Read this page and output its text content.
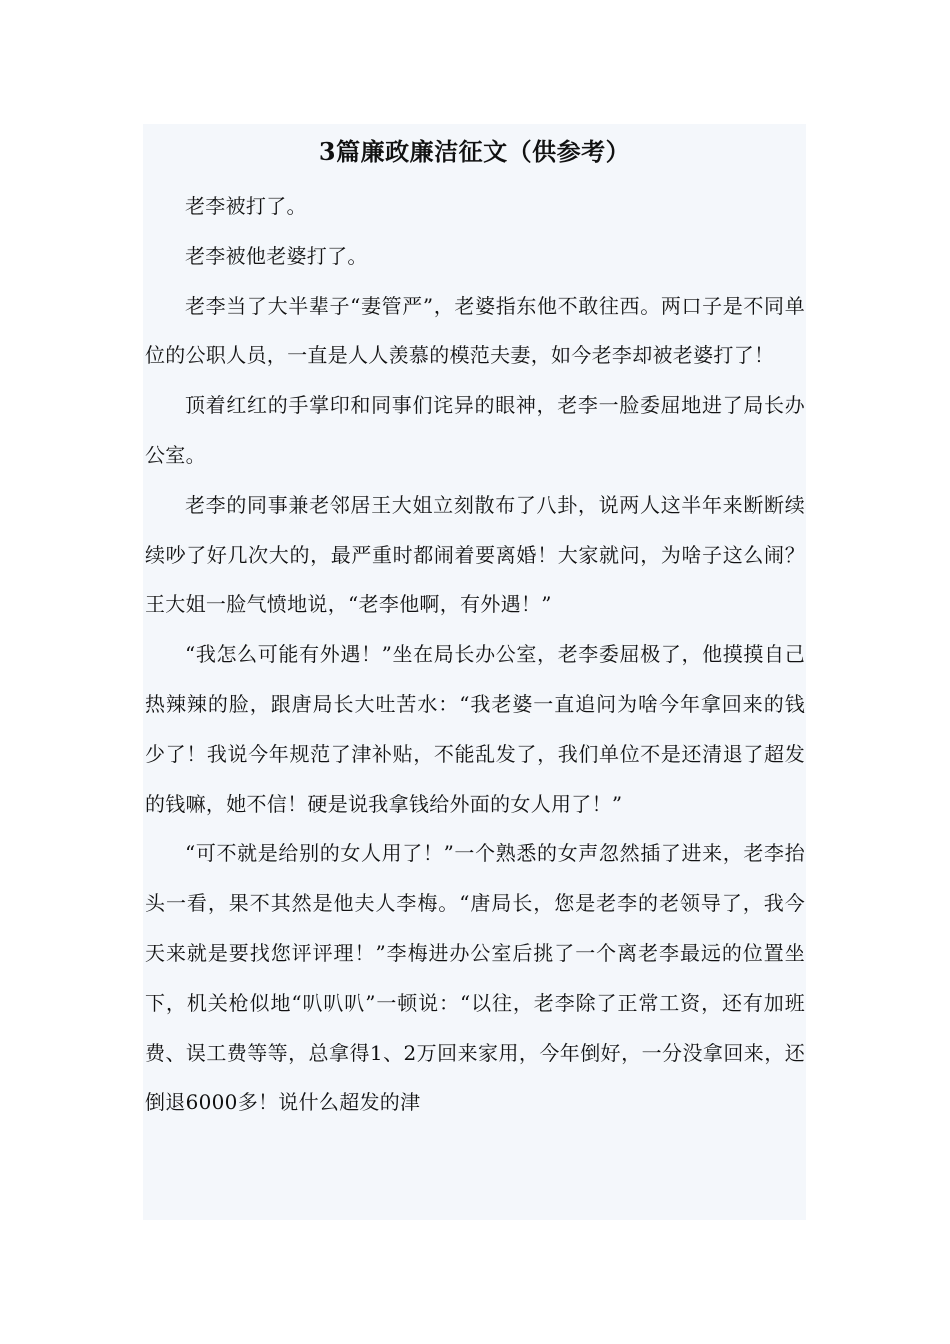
3篇廉政廉洁征文（供参考）

老李被打了。

老李被他老婆打了。

老李当了大半辈子“妻管严”，老婆指东他不敢往西。两口子是不同单位的公职人员，一直是人人羡慕的模范夫妻，如今老李却被老婆打了！

顶着红红的手掌印和同事们诧异的眼神，老李一脸委屈地进了局长办公室。

老李的同事兼老邻居王大姐立刻散布了八卦，说两人这半年来断断续续吵了好几次大的，最严重时都闹着要离婚！大家就问，为啥子这么闹？王大姐一脸气愤地说，“老李他啊，有外遇！”

“我怎么可能有外遇！”坐在局长办公室，老李委屈极了，他摸摸自己热辣辣的脸，跟唐局长大吐苦水：“我老婆一直追问为啥今年拿回来的钱少了！我说今年规范了津补贴，不能乱发了，我们单位不是还清退了超发的钱嘛，她不信！硬是说我拿钱给外面的女人用了！”

“可不就是给别的女人用了！”一个熟悉的女声忽然插了进来，老李抬头一看，果不其然是他夫人李梅。“唐局长，您是老李的老领导了，我今天来就是要找您评评理！”李梅进办公室后挑了一个离老李最远的位置坐下，机关枪似地“叭叭叭”一顿说：“以往，老李除了正常工资，还有加班费、误工费等等，总拿得1、2万回来家用，今年倒好，一分没拿回来，还倒退6000多！说什么超发的津
